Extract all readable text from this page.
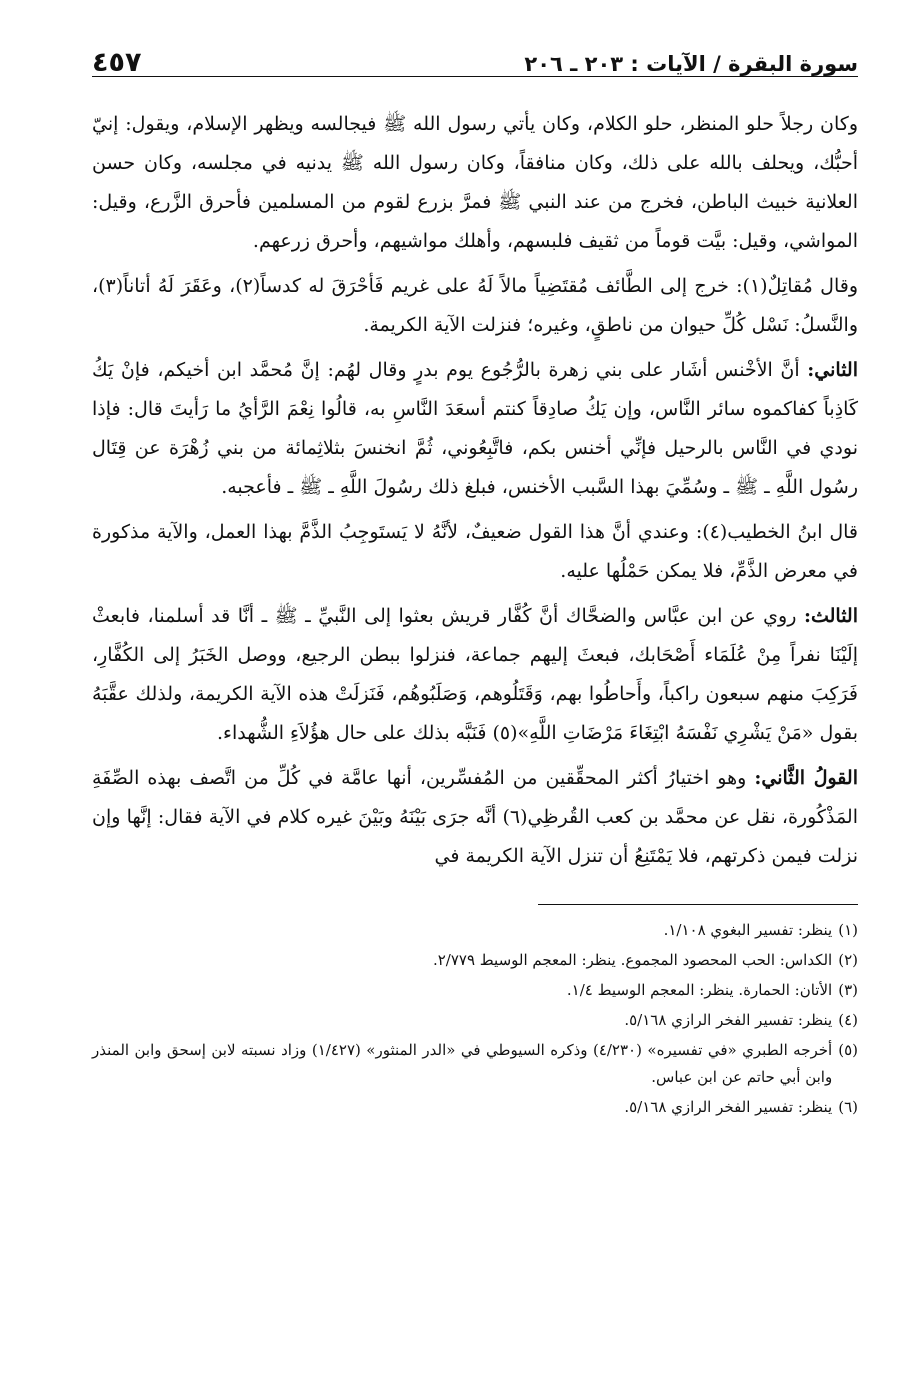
سورة البقرة / الآيات : ٢٠٣ ـ ٢٠٦
٤٥٧

وكان رجلاً حلو المنظر، حلو الكلام، وكان يأتي رسول الله ﷺ فيجالسه ويظهر الإسلام، ويقول: إنيّ أحبُّك، ويحلف بالله على ذلك، وكان منافقاً، وكان رسول الله ﷺ يدنيه في مجلسه، وكان حسن العلانية خبيث الباطن، فخرج من عند النبي ﷺ فمرَّ بزرع لقوم من المسلمين فأحرق الزَّرع، وقيل: المواشي، وقيل: بيَّت قوماً من ثقيف فلبسهم، وأهلك مواشيهم، وأحرق زرعهم.

وقال مُقاتِلٌ(١): خرج إلى الطَّائف مُقتَضِياً مالاً لَهُ على غريم فَأحْرَقَ له كدساً(٢)، وعَقَرَ لَهُ أتاناً(٣)، والنَّسلُ: نَسْل كُلِّ حيوان من ناطقٍ، وغيره؛ فنزلت الآية الكريمة.

الثاني: أنَّ الأخْنس أشَار على بني زهرة بالرُّجُوع يوم بدرٍ وقال لهُم: إنَّ مُحمَّد ابن أخيكم، فإنْ يَكُ كَاذِباً كفاكموه سائر النَّاس، وإن يَكُ صادِقاً كنتم أسعَدَ النَّاسِ به، قالُوا نِعْمَ الرَّأيُ ما رَأيتَ قال: فإذا نودي في النَّاس بالرحيل فإنِّي أخنس بكم، فاتَّبِعُوني، ثُمَّ انخنسَ بثلاثِمائة من بني زُهْرَة عن قِتَال رسُول اللَّهِ ـ ﷺ ـ وسُمِّيَ بهذا السَّبب الأخنس، فبلغ ذلك رسُولَ اللَّهِ ـ ﷺ ـ فأعجبه.

قال ابنُ الخطيب(٤): وعندي أنَّ هذا القول ضعيفٌ، لأنَّهُ لا يَستَوجِبُ الذَّمَّ بهذا العمل، والآية مذكورة في معرض الذَّمِّ، فلا يمكن حَمْلُها عليه.

الثالث: روي عن ابن عبَّاس والضحَّاك أنَّ كُفَّار قريش بعثوا إلى النَّبيِّ ـ ﷺ ـ أنَّا قد أسلمنا، فابعثْ إلَيْنَا نفراً مِنْ عُلَمَاء أَصْحَابك، فبعثَ إليهم جماعة، فنزلوا ببطن الرجيع، ووصل الخَبَرُ إلى الكُفَّارِ، فَرَكِبَ منهم سبعون راكباً، وأَحاطُوا بهم، وَقَتَلُوهم، وَصَلَبُوهُم، فَنَزلَتْ هذه الآية الكريمة، ولذلك عقَّبَهُ بقول «مَنْ يَشْرِي نَفْسَهُ ابْتِغَاءَ مَرْضَاتِ اللَّهِ»(٥) فَنَبَّه بذلك على حال هؤُلاَءِ الشُّهداء.

القولُ الثَّاني: وهو اختيارُ أكثر المحقِّقين من المُفسِّرين، أنها عامَّة في كُلِّ من اتَّصف بهذه الصِّفَةِ المَذْكُورة، نقل عن محمَّد بن كعب القُرظِي(٦) أنَّه جرَى بَيْنَهُ وبَيْنَ غيره كلام في الآية فقال: إنَّها وإن نزلت فيمن ذكرتهم، فلا يَمْتَنِعُ أن تنزل الآية الكريمة في

(١)
ينظر: تفسير البغوي ١/١٠٨.
(٢)
الكداس: الحب المحصود المجموع. ينظر: المعجم الوسيط ٢/٧٧٩.
(٣)
الأتان: الحمارة. ينظر: المعجم الوسيط ١/٤.
(٤)
ينظر: تفسير الفخر الرازي ٥/١٦٨.
(٥)
أخرجه الطبري «في تفسيره» (٤/٢٣٠) وذكره السيوطي في «الدر المنثور» (١/٤٢٧) وزاد نسبته لابن إسحق وابن المنذر وابن أبي حاتم عن ابن عباس.
(٦)
ينظر: تفسير الفخر الرازي ٥/١٦٨.
